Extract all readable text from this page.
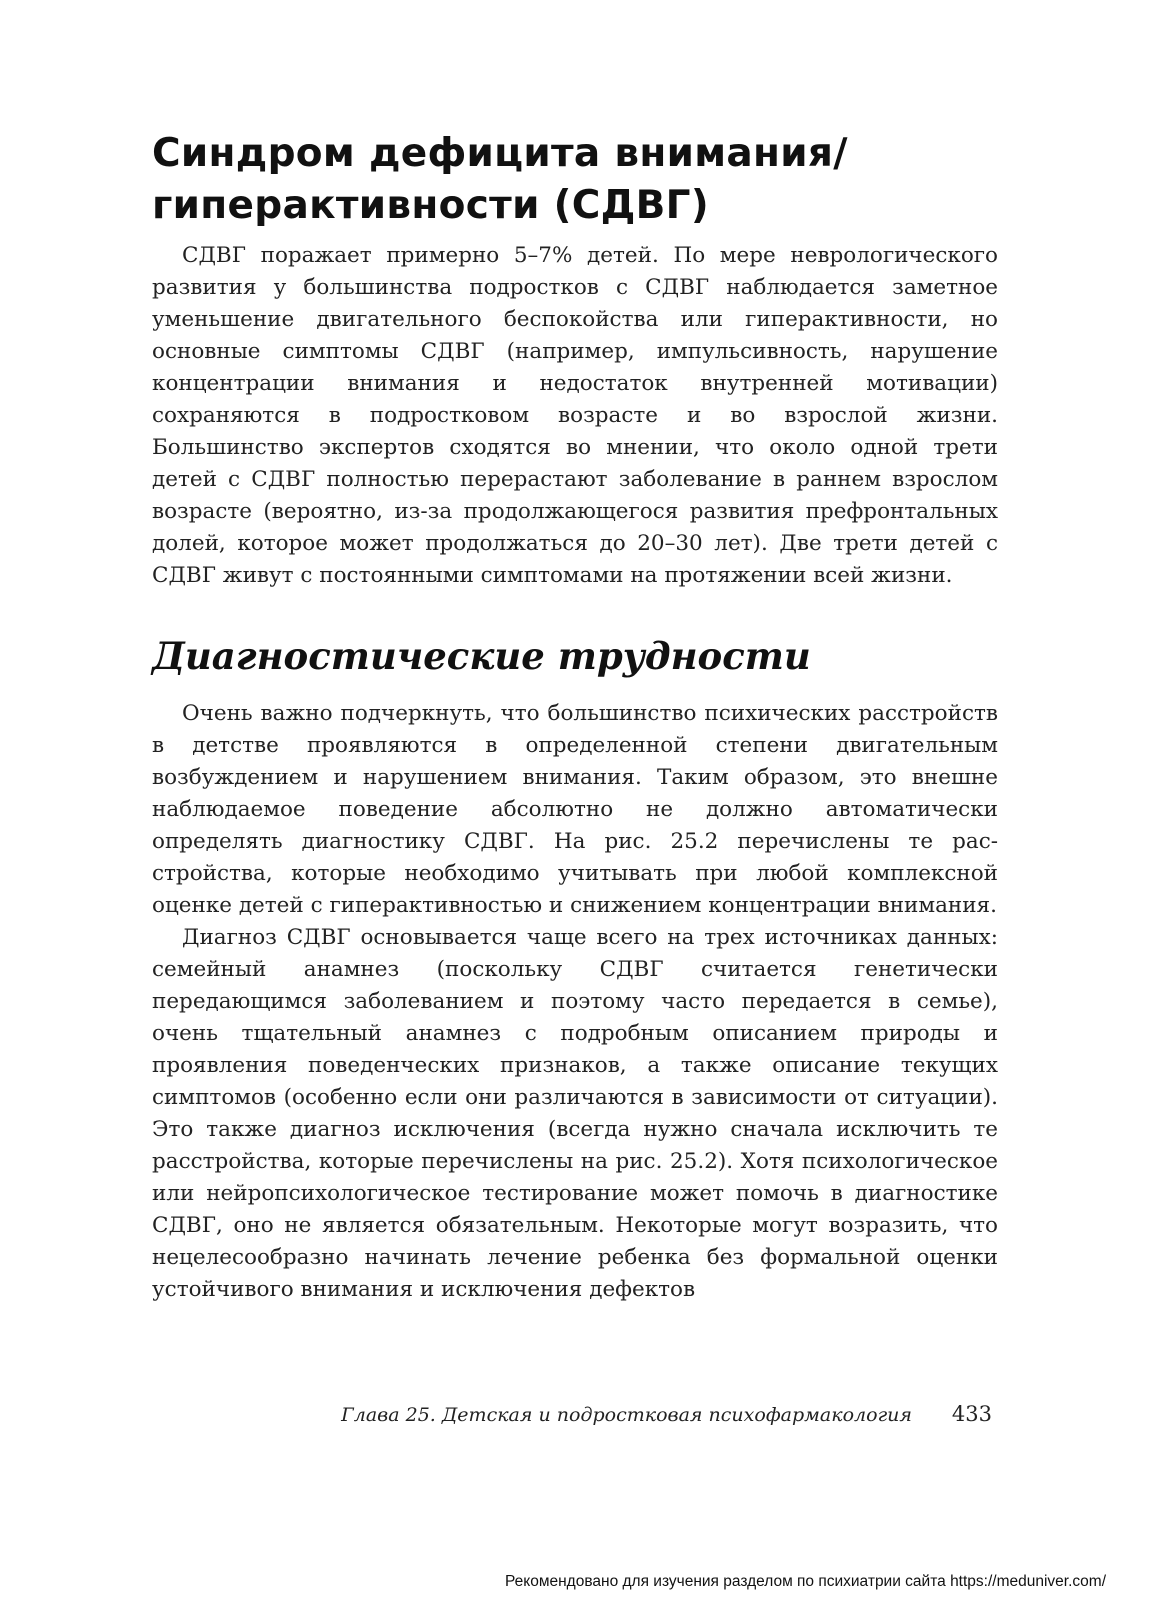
Синдром дефицита внимания/ гиперактивности (СДВГ)

СДВГ поражает примерно 5–7% детей. По мере неврологического развития у большинства подростков с СДВГ наблюдается заметное уменьшение двигательного беспокойства или гиперактивности, но основные симптомы СДВГ (например, импульсивность, нарушение концентрации внимания и недостаток внутренней мотивации) сохраняются в подростковом возрасте и во взрослой жизни. Большинство экспертов сходятся во мнении, что около одной трети детей с СДВГ полностью перерастают заболевание в раннем взрослом возрасте (вероятно, из-за продолжающегося развития префронтальных долей, которое может продолжаться до 20–30 лет). Две трети детей с СДВГ живут с постоянными симптомами на протяжении всей жизни.

Диагностические трудности

Очень важно подчеркнуть, что большинство психических расстройств в детстве проявляются в определенной степени двигательным возбуждением и нарушением внимания. Таким образом, это внешне наблюдаемое поведение абсолютно не должно автоматически определять диагностику СДВГ. На рис. 25.2 перечислены те расстройства, которые необходимо учитывать при любой комплексной оценке детей с гиперактивностью и снижением концентрации внимания.

Диагноз СДВГ основывается чаще всего на трех источниках данных: семейный анамнез (поскольку СДВГ считается генетически передающимся заболеванием и поэтому часто передается в семье), очень тщательный анамнез с подробным описанием природы и проявления поведенческих признаков, а также описание текущих симптомов (особенно если они различаются в зависимости от ситуации). Это также диагноз исключения (всегда нужно сначала исключить те расстройства, которые перечислены на рис. 25.2). Хотя психологическое или нейропсихологическое тестирование может помочь в диагностике СДВГ, оно не является обязательным. Некоторые могут возразить, что нецелесообразно начинать лечение ребенка без формальной оценки устойчивого внимания и исключения дефектов

Глава 25. Детская и подростковая психофармакология 433
Рекомендовано для изучения разделом по психиатрии сайта https://meduniver.com/
